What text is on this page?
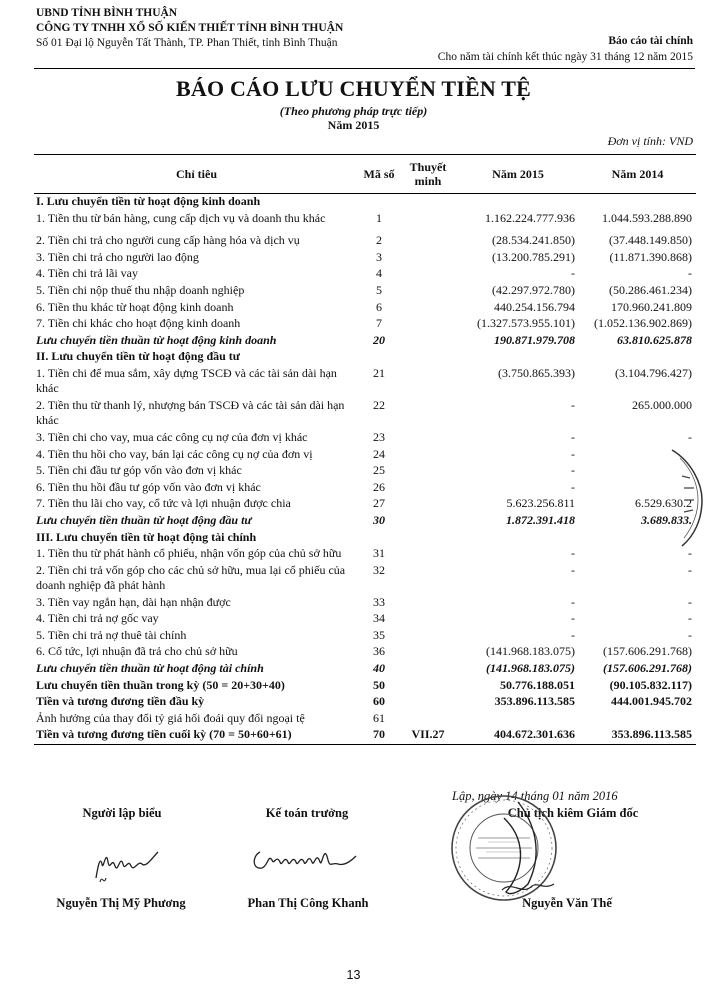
UBND TỈNH BÌNH THUẬN
CÔNG TY TNHH XỔ SỐ KIẾN THIẾT TỈNH BÌNH THUẬN
Số 01 Đại lộ Nguyễn Tất Thành, TP. Phan Thiết, tỉnh Bình Thuận	Báo cáo tài chính
Cho năm tài chính kết thúc ngày 31 tháng 12 năm 2015
BÁO CÁO LƯU CHUYỂN TIỀN TỆ
(Theo phương pháp trực tiếp)
Năm 2015
Đơn vị tính: VND
Chỉ tiêu	Mã số	Thuyết minh	Năm 2015	Năm 2014
I. Lưu chuyển tiền từ hoạt động kinh doanh				
1. Tiền thu từ bán hàng, cung cấp dịch vụ và doanh thu khác	1		1.162.224.777.936	1.044.593.288.890

2. Tiền chi trả cho người cung cấp hàng hóa và dịch vụ	2		(28.534.241.850)	(37.448.149.850)
3. Tiền chi trả cho người lao động	3		(13.200.785.291)	(11.871.390.868)
4. Tiền chi trả lãi vay	4		-	-
5. Tiền chi nộp thuế thu nhập doanh nghiệp	5		(42.297.972.780)	(50.286.461.234)
6. Tiền thu khác từ hoạt động kinh doanh	6		440.254.156.794	170.960.241.809
7. Tiền chi khác cho hoạt động kinh doanh	7		(1.327.573.955.101)	(1.052.136.902.869)
Lưu chuyển tiền thuần từ hoạt động kinh doanh	20		190.871.979.708	63.810.625.878
II. Lưu chuyển tiền từ hoạt động đầu tư				
1. Tiền chi để mua sắm, xây dựng TSCĐ và các tài sản dài hạn khác	21		(3.750.865.393)	(3.104.796.427)
2. Tiền thu từ thanh lý, nhượng bán TSCĐ và các tài sản dài hạn khác	22		-	265.000.000
3. Tiền chi cho vay, mua các công cụ nợ của đơn vị khác	23		-	-
4. Tiền thu hồi cho vay, bán lại các công cụ nợ của đơn vị	24		-	
5. Tiền chi đầu tư góp vốn vào đơn vị khác	25		-	
6. Tiền thu hồi đầu tư góp vốn vào đơn vị khác	26		-	
7. Tiền thu lãi cho vay, cổ tức và lợi nhuận được chia	27		5.623.256.811	6.529.630.2
Lưu chuyển tiền thuần từ hoạt động đầu tư	30		1.872.391.418	3.689.833.
III. Lưu chuyển tiền từ hoạt động tài chính				
1. Tiền thu từ phát hành cổ phiếu, nhận vốn góp của chủ sở hữu	31		-	-
2. Tiền chi trả vốn góp cho các chủ sở hữu, mua lại cổ phiếu của doanh nghiệp đã phát hành	32		-	-
3. Tiền vay ngắn hạn, dài hạn nhận được	33		-	-
4. Tiền chi trả nợ gốc vay	34		-	-
5. Tiền chi trả nợ thuê tài chính	35		-	-
6. Cổ tức, lợi nhuận đã trả cho chủ sở hữu	36		(141.968.183.075)	(157.606.291.768)
Lưu chuyển tiền thuần từ hoạt động tài chính	40		(141.968.183.075)	(157.606.291.768)
Lưu chuyển tiền thuần trong kỳ (50 = 20+30+40)	50		50.776.188.051	(90.105.832.117)
Tiền và tương đương tiền đầu kỳ	60		353.896.113.585	444.001.945.702
Ảnh hưởng của thay đổi tỷ giá hối đoái quy đổi ngoại tệ	61			
Tiền và tương đương tiền cuối kỳ (70 = 50+60+61)	70	VII.27	404.672.301.636	353.896.113.585
Người lập biểu	Kế toán trưởng
Lập, ngày 14 tháng 01 năm 2016
Chủ tịch kiêm Giám đốc
Nguyễn Thị Mỹ Phương	Phan Thị Công Khanh	Nguyễn Văn Thế
13
